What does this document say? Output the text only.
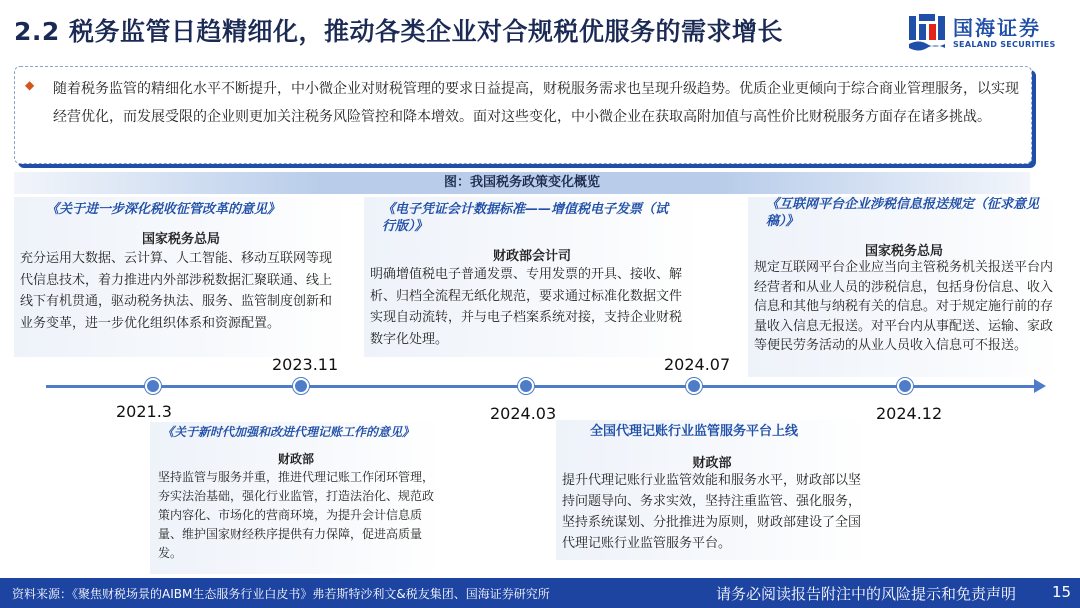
2.2 税务监管日趋精细化，推动各类企业对合规税优服务的需求增长	国海证券
SEALAND SECURITIES
◆ 随着税务监管的精细化水平不断提升，中小微企业对财税管理的要求日益提高，财税服务需求也呈现升级趋势。优质企业更倾向于综合商业管理服务，以实现经营优化，而发展受限的企业则更加关注税务风险管控和降本增效。面对这些变化，中小微企业在获取高附加值与高性价比财税服务方面存在诸多挑战。
图：我国税务政策变化概览
《关于进一步深化税收征管改革的意见》
国家税务总局
充分运用大数据、云计算、人工智能、移动互联网等现代信息技术，着力推进内外部涉税数据汇聚联通、线上线下有机贯通，驱动税务执法、服务、监管制度创新和业务变革，进一步优化组织体系和资源配置。
《电子凭证会计数据标准——增值税电子发票（试行版）》
财政部会计司
明确增值税电子普通发票、专用发票的开具、接收、解析、归档全流程无纸化规范，要求通过标准化数据文件实现自动流转，并与电子档案系统对接，支持企业财税数字化处理。
《互联网平台企业涉税信息报送规定（征求意见稿）》
国家税务总局
规定互联网平台企业应当向主管税务机关报送平台内经营者和从业人员的涉税信息，包括身份信息、收入信息和其他与纳税有关的信息。对于规定施行前的存量收入信息无报送。对平台内从事配送、运输、家政等便民劳务活动的从业人员收入信息可不报送。
2021.3
2023.11
2024.03
2024.07
2024.12
《关于新时代加强和改进代理记账工作的意见》
财政部
坚持监管与服务并重，推进代理记账工作闭环管理，夯实法治基础，强化行业监管，打造法治化、规范政策内容化、市场化的营商环境，为提升会计信息质量、维护国家财经秩序提供有力保障，促进高质量发。
全国代理记账行业监管服务平台上线
财政部
提升代理记账行业监管效能和服务水平，财政部以坚持问题导向、务求实效，坚持注重监管、强化服务，坚持系统谋划、分批推进为原则，财政部建设了全国代理记账行业监管服务平台。
资料来源：《聚焦财税场景的AIBM生态服务行业白皮书》弗若斯特沙利文&税友集团、国海证券研究所	请务必阅读报告附注中的风险提示和免责声明 15
